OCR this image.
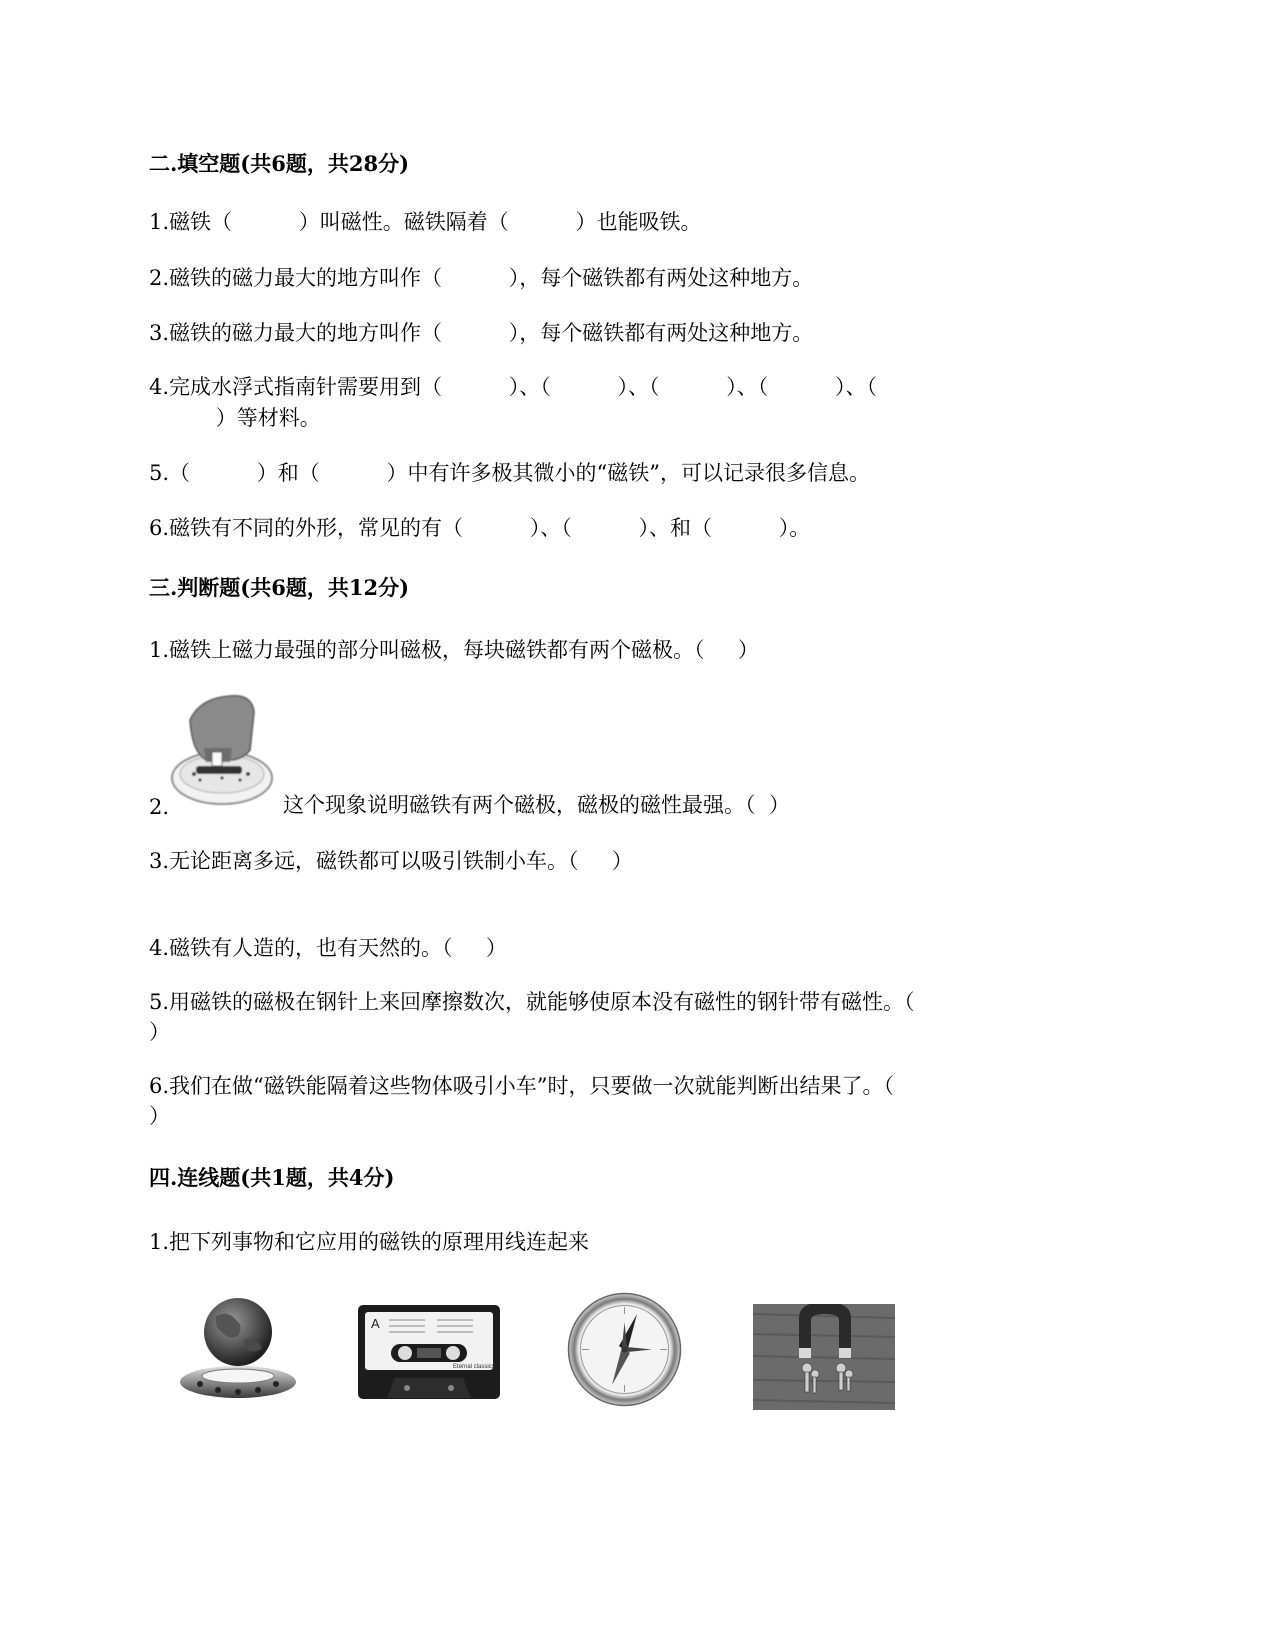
二.填空题(共6题，共28分)
1.磁铁（          ）叫磁性。磁铁隔着（          ）也能吸铁。
2.磁铁的磁力最大的地方叫作（          ），每个磁铁都有两处这种地方。
3.磁铁的磁力最大的地方叫作（          ），每个磁铁都有两处这种地方。
4.完成水浮式指南针需要用到（          ）、（          ）、（          ）、（          ）、（
）等材料。
5.（          ）和（          ）中有许多极其微小的“磁铁”，可以记录很多信息。
6.磁铁有不同的外形，常见的有（          ）、（          ）、和（          ）。
三.判断题(共6题，共12分)
1.磁铁上磁力最强的部分叫磁极，每块磁铁都有两个磁极。（     ）
2.	这个现象说明磁铁有两个磁极，磁极的磁性最强。（  ）
3.无论距离多远，磁铁都可以吸引铁制小车。（     ）
4.磁铁有人造的，也有天然的。（     ）
5.用磁铁的磁极在钢针上来回摩擦数次，就能够使原本没有磁性的钢针带有磁性。（
）
6.我们在做“磁铁能隔着这些物体吸引小车”时，只要做一次就能判断出结果了。（
）
四.连线题(共1题，共4分)
1.把下列事物和它应用的磁铁的原理用线连起来
A
Eternal classics
